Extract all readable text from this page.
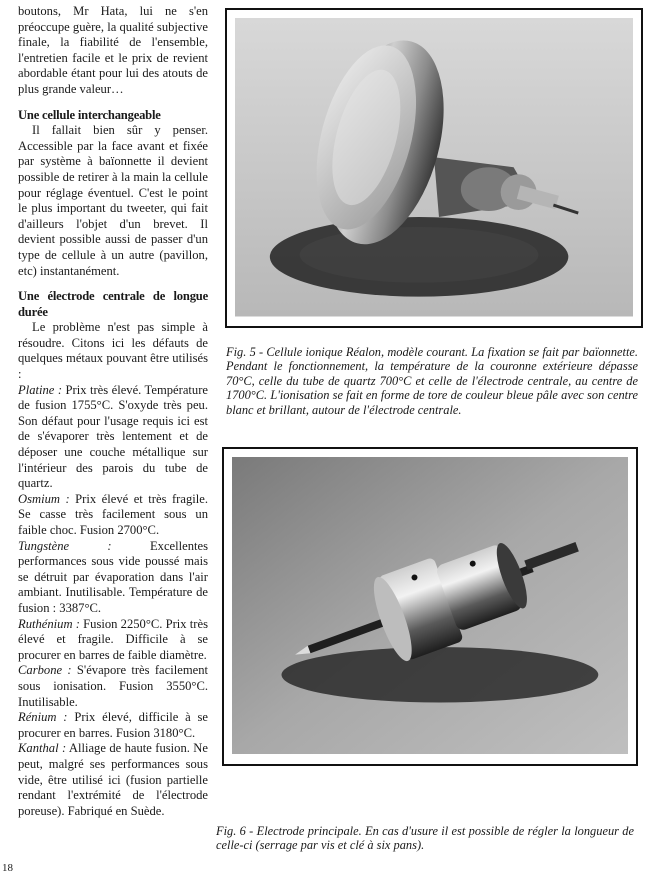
boutons, Mr Hata, lui ne s'en préoccupe guère, la qualité subjective finale, la fiabilité de l'ensemble, l'entretien facile et le prix de revient abordable étant pour lui des atouts de plus grande valeur…

Une cellule interchangeable

Il fallait bien sûr y penser. Accessible par la face avant et fixée par système à baïonnette il devient possible de retirer à la main la cellule pour réglage éventuel. C'est le point le plus important du tweeter, qui fait d'ailleurs l'objet d'un brevet. Il devient possible aussi de passer d'un type de cellule à un autre (pavillon, etc) instantanément.

Une électrode centrale de longue durée

Le problème n'est pas simple à résoudre. Citons ici les défauts de quelques métaux pouvant être utilisés :

Platine : Prix très élevé. Température de fusion 1755°C. S'oxyde très peu. Son défaut pour l'usage requis ici est de s'évaporer très lentement et de déposer une couche métallique sur l'intérieur des parois du tube de quartz.

Osmium : Prix élevé et très fragile. Se casse très facilement sous un faible choc. Fusion 2700°C.

Tungstène :	Excellentes performances sous vide poussé mais se détruit par évaporation dans l'air ambiant. Inutilisable. Température de fusion : 3387°C.

Ruthénium : Fusion 2250°C. Prix très élevé et fragile. Difficile à se procurer en barres de faible diamètre.

Carbone : S'évapore très facilement sous ionisation. Fusion 3550°C. Inutilisable.

Rénium : Prix élevé, difficile à se procurer en barres. Fusion 3180°C.

Kanthal : Alliage de haute fusion. Ne peut, malgré ses performances sous vide, être utilisé ici (fusion partielle rendant l'extrémité de l'électrode poreuse). Fabriqué en Suède.

Fig. 5 - Cellule ionique Réalon, modèle courant. La fixation se fait par baïonnette. Pendant le fonctionnement, la température de la couronne extérieure dépasse 70°C, celle du tube de quartz 700°C et celle de l'électrode centrale, au centre de 1700°C. L'ionisation se fait en forme de tore de couleur bleue pâle avec son centre blanc et brillant, autour de l'électrode centrale.
Fig. 6 - Electrode principale. En cas d'usure il est possible de régler la longueur de celle-ci (serrage par vis et clé à six pans).
18
